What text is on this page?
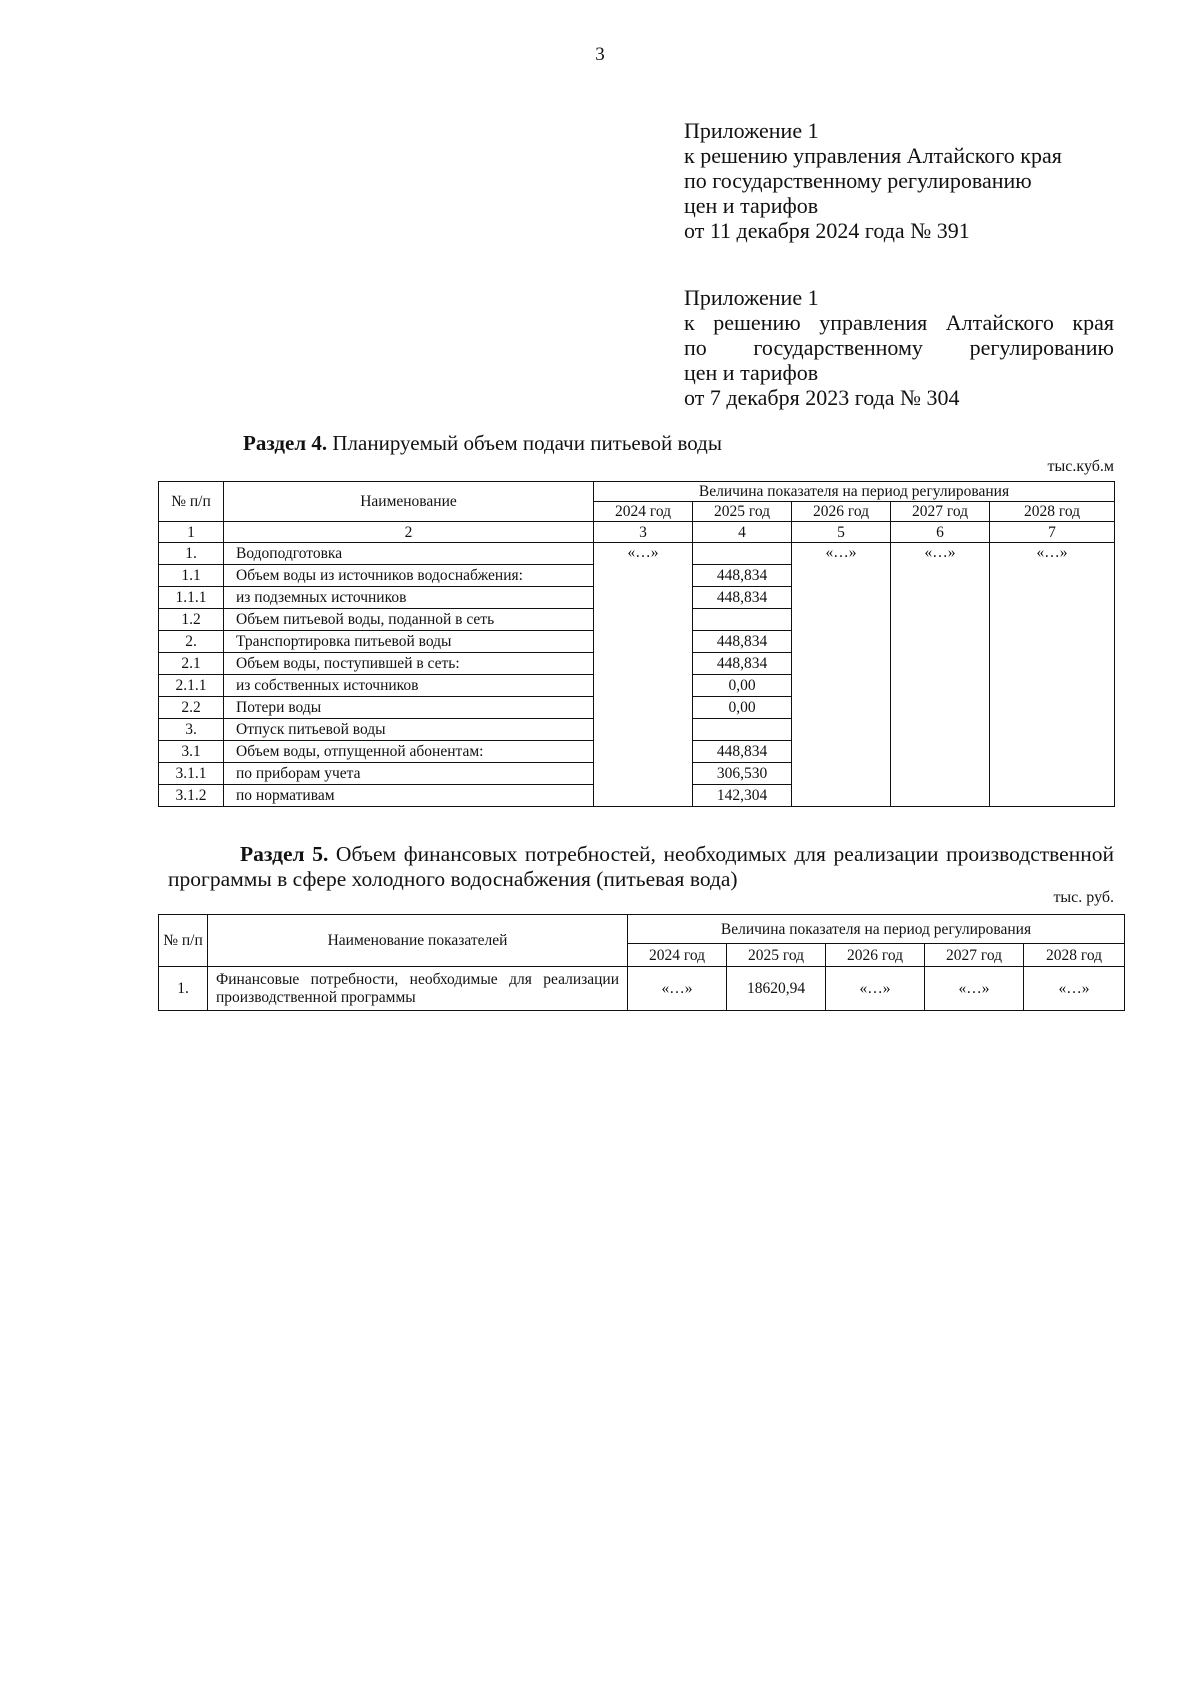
3
Приложение 1
к решению управления Алтайского края
по государственному регулированию
цен и тарифов
от 11 декабря 2024 года № 391
Приложение 1
к решению управления Алтайского края
по государственному регулированию
цен и тарифов
от 7 декабря 2023 года № 304
Раздел 4. Планируемый объем подачи питьевой воды
тыс.куб.м
№ п/п	Наименование	Величина показателя на период регулирования				
		2024 год	2025 год	2026 год	2027 год	2028 год
1	2	3	4	5	6	7
1.	Водоподготовка	«…»		«…»	«…»	«…»
1.1	Объем воды из источников водоснабжения:		448,834			
1.1.1	из подземных источников		448,834			
1.2	Объем питьевой воды, поданной в сеть					
2.	Транспортировка питьевой воды		448,834			
2.1	Объем воды, поступившей в сеть:		448,834			
2.1.1	из собственных источников		0,00			
2.2	Потери воды		0,00			
3.	Отпуск питьевой воды					
3.1	Объем воды, отпущенной абонентам:		448,834			
3.1.1	по приборам учета		306,530			
3.1.2	по нормативам		142,304			
Раздел 5. Объем финансовых потребностей, необходимых для реализации производственной программы в сфере холодного водоснабжения (питьевая вода)
тыс. руб.
№ п/п	Наименование показателей	Величина показателя на период регулирования				
		2024 год	2025 год	2026 год	2027 год	2028 год
1.	Финансовые потребности, необходимые для реализации производственной программы	«…»	18620,94	«…»	«…»	«…»
